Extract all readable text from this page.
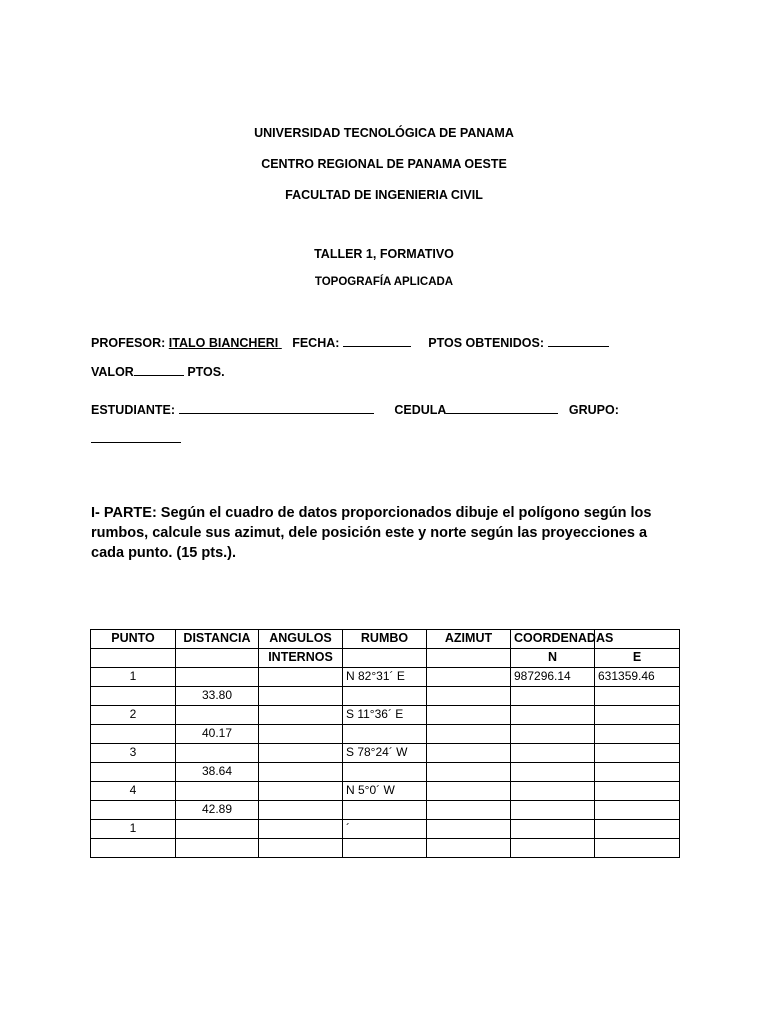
UNIVERSIDAD TECNOLÓGICA DE PANAMA
CENTRO REGIONAL DE PANAMA OESTE
FACULTAD DE INGENIERIA CIVIL
TALLER 1, FORMATIVO
TOPOGRAFÍA APLICADA
PROFESOR: ITALO BIANCHERI FECHA:	PTOS OBTENIDOS:
VALOR	PTOS.
ESTUDIANTE:	CEDULA	GRUPO:
I- PARTE: Según el cuadro de datos proporcionados dibuje el polígono según los rumbos, calcule sus azimut, dele posición este y norte según las proyecciones a cada punto. (15 pts.).
PUNTO	DISTANCIA	ANGULOS	RUMBO	AZIMUT	COORDENADAS	
		INTERNOS			N	E
1			N 82°31´ E		987296.14	631359.46
	33.80					
2			S 11°36´ E			
	40.17					
3			S 78°24´ W			
	38.64					
4			N 5°0´ W			
	42.89					
1			´			
